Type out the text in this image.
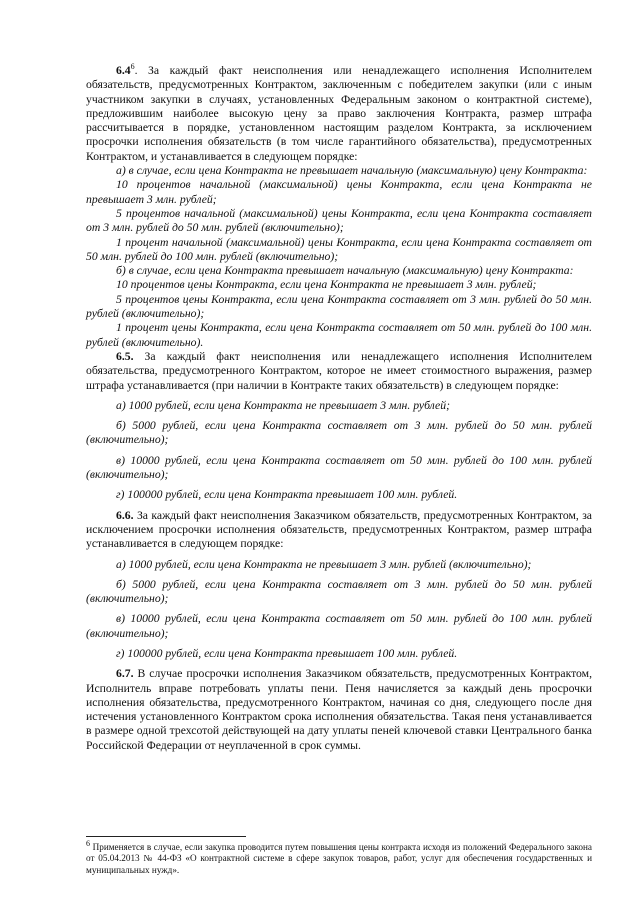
$6.4^6$. За каждый факт неисполнения или ненадлежащего исполнения Исполнителем обязательств, предусмотренных Контрактом, заключенным с победителем закупки (или с иным участником закупки в случаях, установленных Федеральным законом о контрактной системе), предложившим наиболее высокую цену за право заключения Контракта, размер штрафа рассчитывается в порядке, установленном настоящим разделом Контракта, за исключением просрочки исполнения обязательств (в том числе гарантийного обязательства), предусмотренных Контрактом, и устанавливается в следующем порядке:

а) в случае, если цена Контракта не превышает начальную (максимальную) цену Контракта:

10 процентов начальной (максимальной) цены Контракта, если цена Контракта не превышает 3 млн. рублей;

5 процентов начальной (максимальной) цены Контракта, если цена Контракта составляет от 3 млн. рублей до 50 млн. рублей (включительно);

1 процент начальной (максимальной) цены Контракта, если цена Контракта составляет от 50 млн. рублей до 100 млн. рублей (включительно);

б) в случае, если цена Контракта превышает начальную (максимальную) цену Контракта:

10 процентов цены Контракта, если цена Контракта не превышает 3 млн. рублей;

5 процентов цены Контракта, если цена Контракта составляет от 3 млн. рублей до 50 млн. рублей (включительно);

1 процент цены Контракта, если цена Контракта составляет от 50 млн. рублей до 100 млн. рублей (включительно).

6.5. За каждый факт неисполнения или ненадлежащего исполнения Исполнителем обязательства, предусмотренного Контрактом, которое не имеет стоимостного выражения, размер штрафа устанавливается (при наличии в Контракте таких обязательств) в следующем порядке:

а) 1000 рублей, если цена Контракта не превышает 3 млн. рублей;

б) 5000 рублей, если цена Контракта составляет от 3 млн. рублей до 50 млн. рублей (включительно);

в) 10000 рублей, если цена Контракта составляет от 50 млн. рублей до 100 млн. рублей (включительно);

г) 100000 рублей, если цена Контракта превышает 100 млн. рублей.

6.6. За каждый факт неисполнения Заказчиком обязательств, предусмотренных Контрактом, за исключением просрочки исполнения обязательств, предусмотренных Контрактом, размер штрафа устанавливается в следующем порядке:

а) 1000 рублей, если цена Контракта не превышает 3 млн. рублей (включительно);

б) 5000 рублей, если цена Контракта составляет от 3 млн. рублей до 50 млн. рублей (включительно);

в) 10000 рублей, если цена Контракта составляет от 50 млн. рублей до 100 млн. рублей (включительно);

г) 100000 рублей, если цена Контракта превышает 100 млн. рублей.

6.7. В случае просрочки исполнения Заказчиком обязательств, предусмотренных Контрактом, Исполнитель вправе потребовать уплаты пени. Пеня начисляется за каждый день просрочки исполнения обязательства, предусмотренного Контрактом, начиная со дня, следующего после дня истечения установленного Контрактом срока исполнения обязательства. Такая пеня устанавливается в размере одной трехсотой действующей на дату уплаты пеней ключевой ставки Центрального банка Российской Федерации от неуплаченной в срок суммы.

$^6$ Применяется в случае, если закупка проводится путем повышения цены контракта исходя из положений Федерального закона от 05.04.2013 № 44-ФЗ «О контрактной системе в сфере закупок товаров, работ, услуг для обеспечения государственных и муниципальных нужд».
